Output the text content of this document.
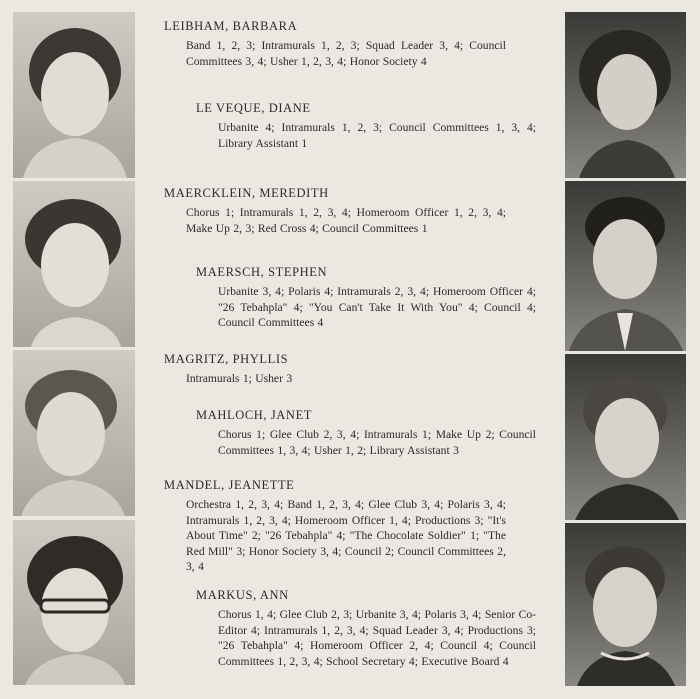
LEIBHAM, BARBARA

Band 1, 2, 3; Intramurals 1, 2, 3; Squad Leader 3, 4; Council Committees 3, 4; Usher 1, 2, 3, 4; Honor Society 4

LE VEQUE, DIANE

Urbanite 4; Intramurals 1, 2, 3; Council Committees 1, 3, 4; Library Assistant 1

MAERCKLEIN, MEREDITH

Chorus 1; Intramurals 1, 2, 3, 4; Homeroom Officer 1, 2, 3, 4; Make Up 2, 3; Red Cross 4; Council Committees 1

MAERSCH, STEPHEN

Urbanite 3, 4; Polaris 4; Intramurals 2, 3, 4; Homeroom Officer 4; "26 Tebahpla" 4; "You Can't Take It With You" 4; Council 4; Council Committees 4

MAGRITZ, PHYLLIS

Intramurals 1; Usher 3

MAHLOCH, JANET

Chorus 1; Glee Club 2, 3, 4; Intramurals 1; Make Up 2; Council Committees 1, 3, 4; Usher 1, 2; Library Assistant 3

MANDEL, JEANETTE

Orchestra 1, 2, 3, 4; Band 1, 2, 3, 4; Glee Club 3, 4; Polaris 3, 4; Intramurals 1, 2, 3, 4; Homeroom Officer 1, 4; Productions 3; "It's About Time" 2; "26 Tebahpla" 4; "The Chocolate Soldier" 1; "The Red Mill" 3; Honor Society 3, 4; Council 2; Council Committees 2, 3, 4

MARKUS, ANN

Chorus 1, 4; Glee Club 2, 3; Urbanite 3, 4; Polaris 3, 4; Senior Co-Editor 4; Intramurals 1, 2, 3, 4; Squad Leader 3, 4; Productions 3; "26 Tebahpla" 4; Homeroom Officer 2, 4; Council 4; Council Committees 1, 2, 3, 4; School Secretary 4; Executive Board 4
